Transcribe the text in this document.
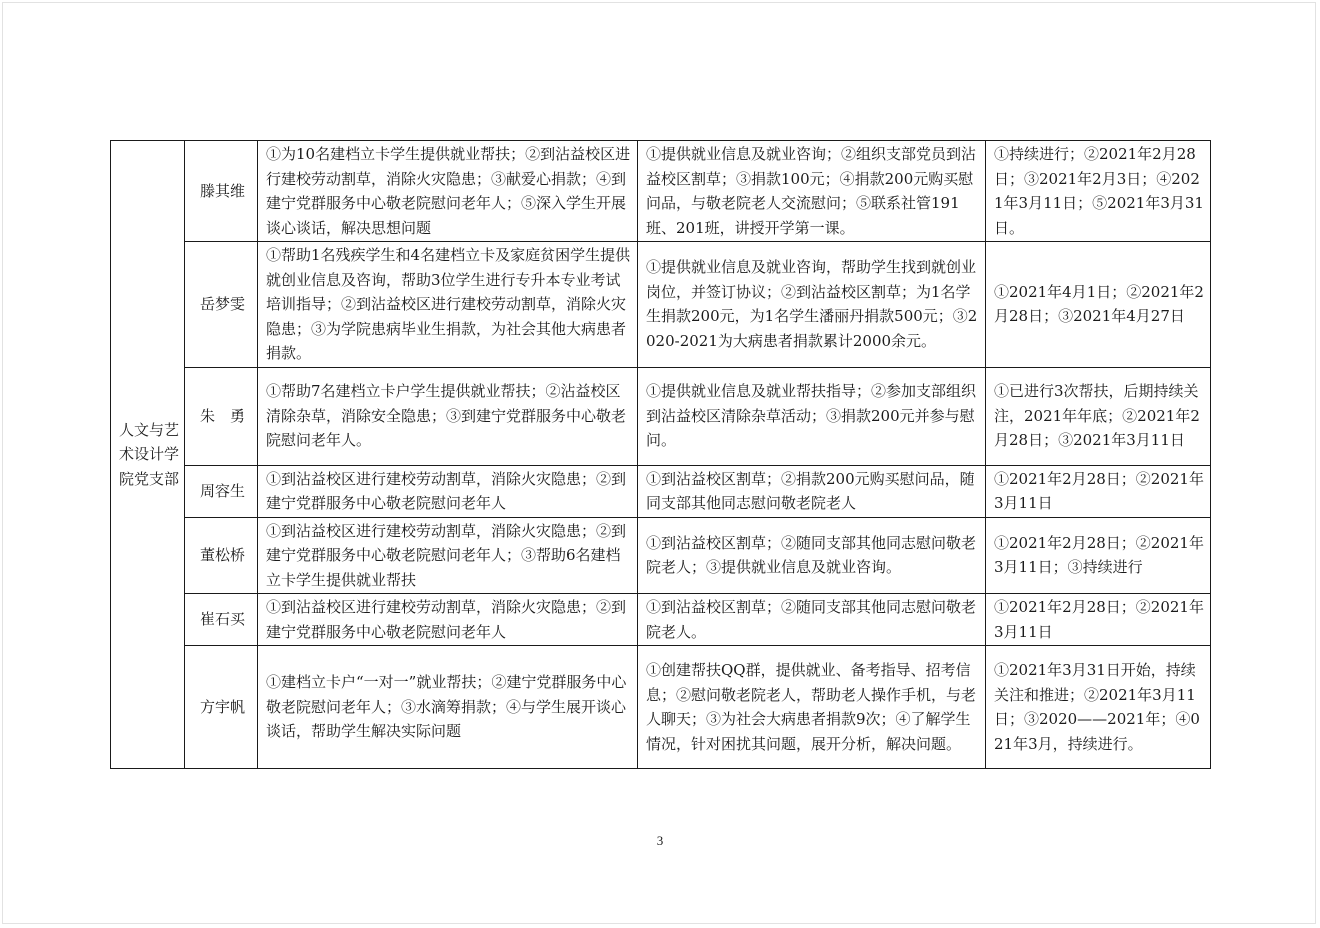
人文与艺术设计学院党支部	滕其维	①为10名建档立卡学生提供就业帮扶；②到沾益校区进行建校劳动割草，消除火灾隐患；③献爱心捐款；④到建宁党群服务中心敬老院慰问老年人；⑤深入学生开展谈心谈话，解决思想问题	①提供就业信息及就业咨询；②组织支部党员到沾益校区割草；③捐款100元；④捐款200元购买慰问品，与敬老院老人交流慰问；⑤联系社管191班、201班，讲授开学第一课。	①持续进行；②2021年2月28日；③2021年2月3日；④2021年3月11日；⑤2021年3月31日。
	岳梦雯	①帮助1名残疾学生和4名建档立卡及家庭贫困学生提供就创业信息及咨询，帮助3位学生进行专升本专业考试培训指导；②到沾益校区进行建校劳动割草，消除火灾隐患；③为学院患病毕业生捐款，为社会其他大病患者捐款。	①提供就业信息及就业咨询，帮助学生找到就创业岗位，并签订协议；②到沾益校区割草；为1名学生捐款200元，为1名学生潘丽丹捐款500元；③2020-2021为大病患者捐款累计2000余元。	①2021年4月1日；②2021年2月28日；③2021年4月27日
	朱　勇	①帮助7名建档立卡户学生提供就业帮扶；②沾益校区清除杂草，消除安全隐患；③到建宁党群服务中心敬老院慰问老年人。	①提供就业信息及就业帮扶指导；②参加支部组织到沾益校区清除杂草活动；③捐款200元并参与慰问。	①已进行3次帮扶，后期持续关注，2021年年底；②2021年2月28日；③2021年3月11日
	周容生	①到沾益校区进行建校劳动割草，消除火灾隐患；②到建宁党群服务中心敬老院慰问老年人	①到沾益校区割草；②捐款200元购买慰问品，随同支部其他同志慰问敬老院老人	①2021年2月28日；②2021年3月11日
	董松桥	①到沾益校区进行建校劳动割草，消除火灾隐患；②到建宁党群服务中心敬老院慰问老年人；③帮助6名建档立卡学生提供就业帮扶	①到沾益校区割草；②随同支部其他同志慰问敬老院老人；③提供就业信息及就业咨询。	①2021年2月28日；②2021年3月11日；③持续进行
	崔石买	①到沾益校区进行建校劳动割草，消除火灾隐患；②到建宁党群服务中心敬老院慰问老年人	①到沾益校区割草；②随同支部其他同志慰问敬老院老人。	①2021年2月28日；②2021年3月11日
	方宇帆	①建档立卡户“一对一”就业帮扶；②建宁党群服务中心敬老院慰问老年人；③水滴筹捐款；④与学生展开谈心谈话，帮助学生解决实际问题	①创建帮扶QQ群，提供就业、备考指导、招考信息；②慰问敬老院老人，帮助老人操作手机，与老人聊天；③为社会大病患者捐款9次；④了解学生情况，针对困扰其问题，展开分析，解决问题。	①2021年3月31日开始，持续关注和推进；②2021年3月11日；③2020——2021年；④021年3月，持续进行。
3
